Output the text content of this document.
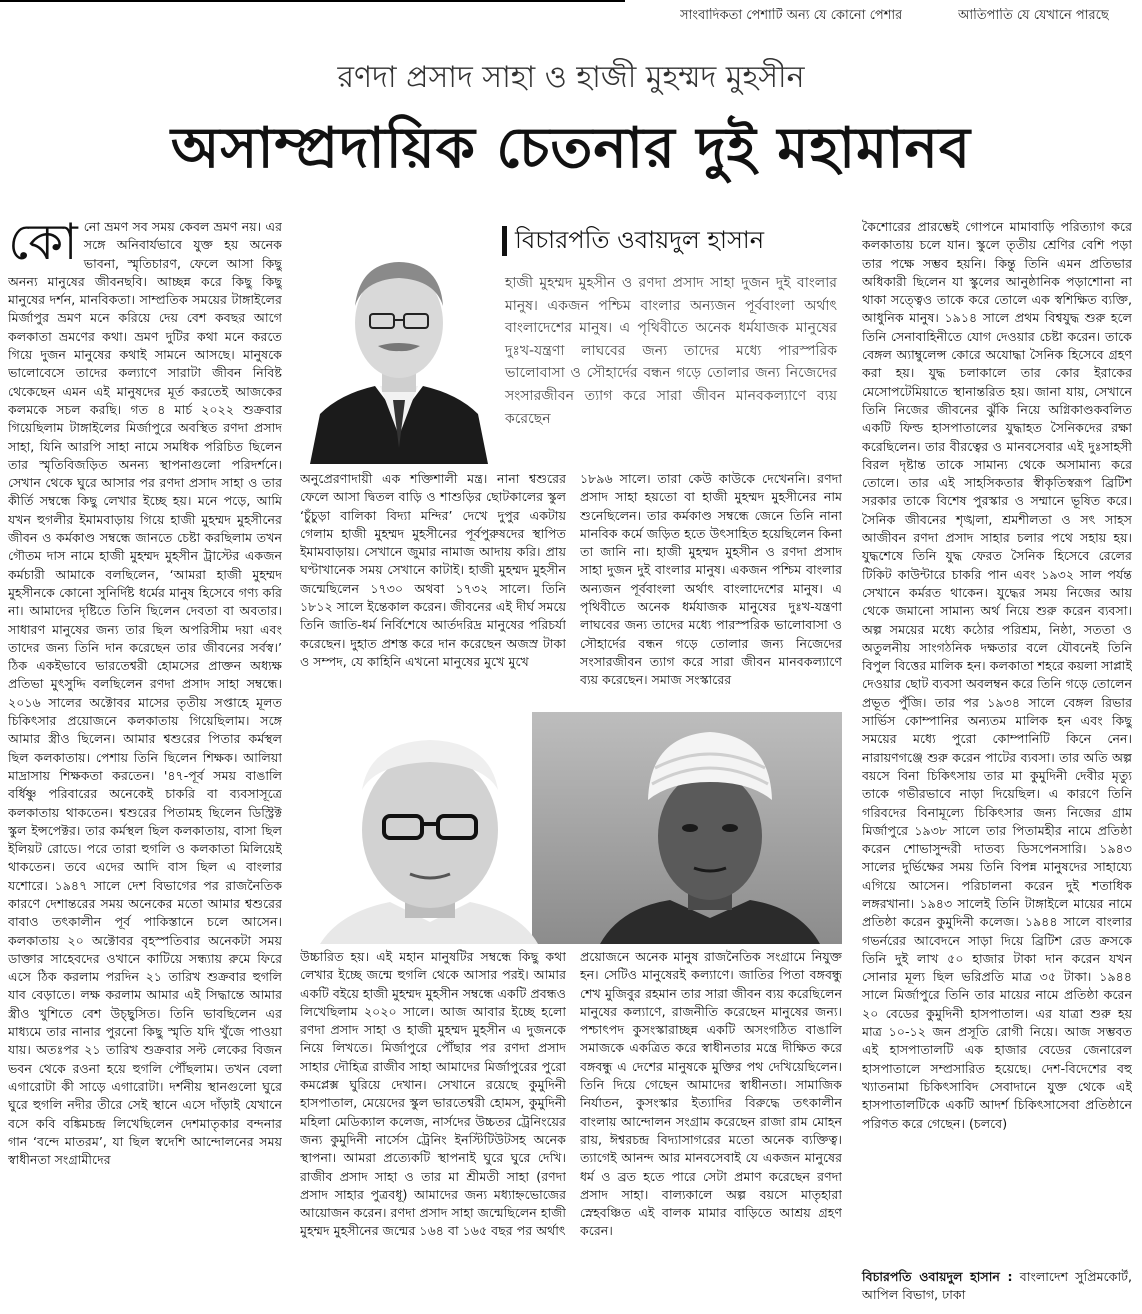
সাংবাদিকতা পেশাটি অন্য যে কোনো পেশার	আতিপাতি যে যেখানে পারছে
রণদা প্রসাদ সাহা ও হাজী মুহম্মদ মুহসীন
অসাম্প্রদায়িক চেতনার দুই মহামানব
কো নো ভ্রমণ সব সময় কেবল ভ্রমণ নয়। এর সঙ্গে অনিবার্যভাবে যুক্ত হয় অনেক ভাবনা, স্মৃতিচারণ, ফেলে আসা কিছু অনন্য মানুষের জীবনছবি। আচ্ছন্ন করে কিছু কিছু মানুষের দর্শন, মানবিকতা। সাম্প্রতিক সময়ের টাঙ্গাইলের মির্জাপুর ভ্রমণ মনে করিয়ে দেয় বেশ কবছর আগে কলকাতা ভ্রমণের কথা। ভ্রমণ দুটির কথা মনে করতে গিয়ে দুজন মানুষের কথাই সামনে আসছে। মানুষকে ভালোবেসে তাদের কল্যাণে সারাটা জীবন নিবিষ্ট থেকেছেন এমন এই মানুষদের মূর্ত করতেই আজকের কলমকে সচল করছি। গত ৪ মার্চ ২০২২ শুক্রবার গিয়েছিলাম টাঙ্গাইলের মির্জাপুরে অবস্থিত রণদা প্রসাদ সাহা, যিনি আরপি সাহা নামে সমধিক পরিচিত ছিলেন তার স্মৃতিবিজড়িত অনন্য স্থাপনাগুলো পরিদর্শনে। সেখান থেকে ঘুরে আসার পর রণদা প্রসাদ সাহা ও তার কীর্তি সম্বন্ধে কিছু লেখার ইচ্ছে হয়। মনে পড়ে, আমি যখন হুগলীর ইমামবাড়ায় গিয়ে হাজী মুহম্মদ মুহসীনের জীবন ও কর্মকাণ্ড সম্বন্ধে জানতে চেষ্টা করছিলাম তখন গৌতম দাস নামে হাজী মুহম্মদ মুহসীন ট্রাস্টের একজন কর্মচারী আমাকে বলছিলেন, ‘আমরা হাজী মুহম্মদ মুহসীনকে কোনো সুনির্দিষ্ট ধর্মের মানুষ হিসেবে গণ্য করি না। আমাদের দৃষ্টিতে তিনি ছিলেন দেবতা বা অবতার। সাধারণ মানুষের জন্য তার ছিল অপরিসীম দয়া এবং তাদের জন্য তিনি দান করেছেন তার জীবনের সর্বস্ব।’ ঠিক একইভাবে ভারতেশ্বরী হোমসের প্রাক্তন অধ্যক্ষ প্রতিভা মুৎসুদ্দি বলছিলেন রণদা প্রসাদ সাহা সম্বন্ধে। ২০১৬ সালের অক্টোবর মাসের তৃতীয় সপ্তাহে মূলত চিকিৎসার প্রয়োজনে কলকাতায় গিয়েছিলাম। সঙ্গে আমার স্ত্রীও ছিলেন। আমার শ্বশুরের পিতার কর্মস্থল ছিল কলকাতায়। পেশায় তিনি ছিলেন শিক্ষক। আলিয়া মাদ্রাসায় শিক্ষকতা করতেন। '৪৭-পূর্ব সময় বাঙালি বর্ধিষ্ণু পরিবারের অনেকেই চাকরি বা ব্যবসাসূত্রে কলকাতায় থাকতেন। শ্বশুরের পিতামহ ছিলেন ডিস্ট্রিক্ট স্কুল ইন্সপেক্টর। তার কর্মস্থল ছিল কলকাতায়, বাসা ছিল ইলিয়ট রোডে। পরে তারা হুগলি ও কলকাতা মিলিয়েই থাকতেন। তবে এদের আদি বাস ছিল এ বাংলার যশোরে। ১৯৪৭ সালে দেশ বিভাগের পর রাজনৈতিক কারণে দেশান্তরের সময় অনেকের মতো আমার শ্বশুরের বাবাও তৎকালীন পূর্ব পাকিস্তানে চলে আসেন। কলকাতায় ২০ অক্টোবর বৃহস্পতিবার অনেকটা সময় ডাক্তার সাহেবদের ওখানে কাটিয়ে সন্ধ্যায় রুমে ফিরে এসে ঠিক করলাম পরদিন ২১ তারিখ শুক্রবার হুগলি যাব বেড়াতে। লক্ষ করলাম আমার এই সিদ্ধান্তে আমার স্ত্রীও খুশিতে বেশ উচ্ছ্বসিত। তিনি ভাবছিলেন এর মাধ্যমে তার নানার পুরনো কিছু স্মৃতি যদি খুঁজে পাওয়া যায়। অতঃপর ২১ তারিখ শুক্রবার সল্ট লেকের বিজন ভবন থেকে রওনা হয়ে হুগলি পৌঁছলাম। তখন বেলা এগারোটা কী সাড়ে এগারোটা। দর্শনীয় স্থানগুলো ঘুরে ঘুরে হুগলি নদীর তীরে সেই স্থানে এসে দাঁড়াই যেখানে বসে কবি বঙ্কিমচন্দ্র লিখেছিলেন দেশমাতৃকার বন্দনার গান ‘বন্দে মাতরম’, যা ছিল স্বদেশি আন্দোলনের সময় স্বাধীনতা সংগ্রামীদের
বিচারপতি ওবায়দুল হাসান
হাজী মুহম্মদ মুহসীন ও রণদা প্রসাদ সাহা দুজন দুই বাংলার মানুষ। একজন পশ্চিম বাংলার অন্যজন পূর্ববাংলা অর্থাৎ বাংলাদেশের মানুষ। এ পৃথিবীতে অনেক ধর্মযাজক মানুষের দুঃখ-যন্ত্রণা লাঘবের জন্য তাদের মধ্যে পারস্পরিক ভালোবাসা ও সৌহার্দের বন্ধন গড়ে তোলার জন্য নিজেদের সংসারজীবন ত্যাগ করে সারা জীবন মানবকল্যাণে ব্যয় করেছেন
অনুপ্রেরণাদায়ী এক শক্তিশালী মন্ত্র। নানা শ্বশুরের ফেলে আসা দ্বিতল বাড়ি ও শাশুড়ির ছোটকালের স্কুল ‘চুঁচুড়া বালিকা বিদ্যা মন্দির’ দেখে দুপুর একটায় গেলাম হাজী মুহম্মদ মুহসীনের পূর্বপুরুষদের স্থাপিত ইমামবাড়ায়। সেখানে জুমার নামাজ আদায় করি। প্রায় ঘণ্টাখানেক সময় সেখানে কাটাই। হাজী মুহম্মদ মুহসীন জন্মেছিলেন ১৭৩০ অথবা ১৭৩২ সালে। তিনি ১৮১২ সালে ইন্তেকাল করেন। জীবনের এই দীর্ঘ সময়ে তিনি জাতি-ধর্ম নির্বিশেষে আর্তদরিদ্র মানুষের পরিচর্যা করেছেন। দুহাত প্রশস্ত করে দান করেছেন অজস্র টাকা ও সম্পদ, যে কাহিনি এখনো মানুষের মুখে মুখে
১৮৯৬ সালে। তারা কেউ কাউকে দেখেননি। রণদা প্রসাদ সাহা হয়তো বা হাজী মুহম্মদ মুহসীনের নাম শুনেছিলেন। তার কর্মকাণ্ড সম্বন্ধে জেনে তিনি নানা মানবিক কর্মে জড়িত হতে উৎসাহিত হয়েছিলেন কিনা তা জানি না। হাজী মুহম্মদ মুহসীন ও রণদা প্রসাদ সাহা দুজন দুই বাংলার মানুষ। একজন পশ্চিম বাংলার অন্যজন পূর্ববাংলা অর্থাৎ বাংলাদেশের মানুষ। এ পৃথিবীতে অনেক ধর্মযাজক মানুষের দুঃখ-যন্ত্রণা লাঘবের জন্য তাদের মধ্যে পারস্পরিক ভালোবাসা ও সৌহার্দের বন্ধন গড়ে তোলার জন্য নিজেদের সংসারজীবন ত্যাগ করে সারা জীবন মানবকল্যাণে ব্যয় করেছেন। সমাজ সংস্কারের
উচ্চারিত হয়। এই মহান মানুষটির সম্বন্ধে কিছু কথা লেখার ইচ্ছে জন্মে হুগলি থেকে আসার পরই। আমার একটি বইয়ে হাজী মুহম্মদ মুহসীন সম্বন্ধে একটি প্রবন্ধও লিখেছিলাম ২০২০ সালে। আজ আবার ইচ্ছে হলো রণদা প্রসাদ সাহা ও হাজী মুহম্মদ মুহসীন এ দুজনকে নিয়ে লিখতে। মির্জাপুরে পৌঁছার পর রণদা প্রসাদ সাহার দৌহিত্র রাজীব সাহা আমাদের মির্জাপুরের পুরো কমপ্লেক্স ঘুরিয়ে দেখান। সেখানে রয়েছে কুমুদিনী হাসপাতাল, মেয়েদের স্কুল ভারতেশ্বরী হোমস, কুমুদিনী মহিলা মেডিক্যাল কলেজ, নার্সদের উচ্চতর ট্রেনিংয়ের জন্য কুমুদিনী নার্সেস ট্রেনিং ইনস্টিটিউটসহ অনেক স্থাপনা। আমরা প্রত্যেকটি স্থাপনাই ঘুরে ঘুরে দেখি। রাজীব প্রসাদ সাহা ও তার মা শ্রীমতী সাহা (রণদা প্রসাদ সাহার পুত্রবধূ) আমাদের জন্য মধ্যাহ্নভোজের আয়োজন করেন। রণদা প্রসাদ সাহা জন্মেছিলেন হাজী মুহম্মদ মুহসীনের জন্মের ১৬৪ বা ১৬৫ বছর পর অর্থাৎ
প্রয়োজনে অনেক মানুষ রাজনৈতিক সংগ্রামে নিযুক্ত হন। সেটিও মানুষেরই কল্যাণে। জাতির পিতা বঙ্গবন্ধু শেখ মুজিবুর রহমান তার সারা জীবন ব্যয় করেছিলেন মানুষের কল্যাণে, রাজনীতি করেছেন মানুষের জন্য। পশ্চাৎপদ কুসংস্কারাচ্ছন্ন একটি অসংগঠিত বাঙালি সমাজকে একত্রিত করে স্বাধীনতার মন্ত্রে দীক্ষিত করে বঙ্গবন্ধু এ দেশের মানুষকে মুক্তির পথ দেখিয়েছিলেন। তিনি দিয়ে গেছেন আমাদের স্বাধীনতা। সামাজিক নির্যাতন, কুসংস্কার ইত্যাদির বিরুদ্ধে তৎকালীন বাংলায় আন্দোলন সংগ্রাম করেছেন রাজা রাম মোহন রায়, ঈশ্বরচন্দ্র বিদ্যাসাগরের মতো অনেক ব্যক্তিত্ব। ত্যাগেই আনন্দ আর মানবসেবাই যে একজন মানুষের ধর্ম ও ব্রত হতে পারে সেটা প্রমাণ করেছেন রণদা প্রসাদ সাহা। বাল্যকালে অল্প বয়সে মাতৃহারা স্নেহবঞ্চিত এই বালক মামার বাড়িতে আশ্রয় গ্রহণ করেন।
কৈশোরের প্রারম্ভেই গোপনে মামাবাড়ি পরিত্যাগ করে কলকাতায় চলে যান। স্কুলে তৃতীয় শ্রেণির বেশি পড়া তার পক্ষে সম্ভব হয়নি। কিন্তু তিনি এমন প্রতিভার অধিকারী ছিলেন যা স্কুলের আনুষ্ঠানিক পড়াশোনা না থাকা সত্ত্বেও তাকে করে তোলে এক স্বশিক্ষিত ব্যক্তি, আধুনিক মানুষ। ১৯১৪ সালে প্রথম বিশ্বযুদ্ধ শুরু হলে তিনি সেনাবাহিনীতে যোগ দেওয়ার চেষ্টা করেন। তাকে বেঙ্গল অ্যাম্বুলেন্স কোরে অযোদ্ধা সৈনিক হিসেবে গ্রহণ করা হয়। যুদ্ধ চলাকালে তার কোর ইরাকের মেসোপটেমিয়াতে স্থানান্তরিত হয়। জানা যায়, সেখানে তিনি নিজের জীবনের ঝুঁকি নিয়ে অগ্নিকাণ্ডকবলিত একটি ফিল্ড হাসপাতালের যুদ্ধাহত সৈনিকদের রক্ষা করেছিলেন। তার বীরত্বের ও মানবসেবার এই দুঃসাহসী বিরল দৃষ্টান্ত তাকে সামান্য থেকে অসামান্য করে তোলে। তার এই সাহসিকতার স্বীকৃতিস্বরূপ ব্রিটিশ সরকার তাকে বিশেষ পুরস্কার ও সম্মানে ভূষিত করে। সৈনিক জীবনের শৃঙ্খলা, শ্রমশীলতা ও সৎ সাহস আজীবন রণদা প্রসাদ সাহার চলার পথে সহায় হয়। যুদ্ধশেষে তিনি যুদ্ধ ফেরত সৈনিক হিসেবে রেলের টিকিট কাউন্টারে চাকরি পান এবং ১৯৩২ সাল পর্যন্ত সেখানে কর্মরত থাকেন। যুদ্ধের সময় নিজের আয় থেকে জমানো সামান্য অর্থ নিয়ে শুরু করেন ব্যবসা। অল্প সময়ের মধ্যে কঠোর পরিশ্রম, নিষ্ঠা, সততা ও অতুলনীয় সাংগঠনিক দক্ষতার বলে যৌবনেই তিনি বিপুল বিত্তের মালিক হন। কলকাতা শহরে কয়লা সাপ্লাই দেওয়ার ছোট ব্যবসা অবলম্বন করে তিনি গড়ে তোলেন প্রভূত পুঁজি। তার পর ১৯৩৪ সালে বেঙ্গল রিভার সার্ভিস কোম্পানির অন্যতম মালিক হন এবং কিছু সময়ের মধ্যে পুরো কোম্পানিটি কিনে নেন। নারায়ণগঞ্জে শুরু করেন পাটের ব্যবসা। তার অতি অল্প বয়সে বিনা চিকিৎসায় তার মা কুমুদিনী দেবীর মৃত্যু তাকে গভীরভাবে নাড়া দিয়েছিল। এ কারণে তিনি গরিবদের বিনামূল্যে চিকিৎসার জন্য নিজের গ্রাম মির্জাপুরে ১৯৩৮ সালে তার পিতামহীর নামে প্রতিষ্ঠা করেন শোভাসুন্দরী দাতব্য ডিসপেনসারি। ১৯৪৩ সালের দুর্ভিক্ষের সময় তিনি বিপন্ন মানুষদের সাহায্যে এগিয়ে আসেন। পরিচালনা করেন দুই শতাধিক লঙ্গরখানা। ১৯৪৩ সালেই তিনি টাঙ্গাইলে মায়ের নামে প্রতিষ্ঠা করেন কুমুদিনী কলেজ। ১৯৪৪ সালে বাংলার গভর্নরের আবেদনে সাড়া দিয়ে ব্রিটিশ রেড ক্রসকে তিনি দুই লাখ ৫০ হাজার টাকা দান করেন যখন সোনার মূল্য ছিল ভরিপ্রতি মাত্র ৩৫ টাকা। ১৯৪৪ সালে মির্জাপুরে তিনি তার মায়ের নামে প্রতিষ্ঠা করেন ২০ বেডের কুমুদিনী হাসপাতাল। এর যাত্রা শুরু হয় মাত্র ১০-১২ জন প্রসূতি রোগী নিয়ে। আজ সম্ভবত এই হাসপাতালটি এক হাজার বেডের জেনারেল হাসপাতালে সম্প্রসারিত হয়েছে। দেশ-বিদেশের বহু খ্যাতনামা চিকিৎসাবিদ সেবাদানে যুক্ত থেকে এই হাসপাতালটিকে একটি আদর্শ চিকিৎসাসেবা প্রতিষ্ঠানে পরিণত করে গেছেন। (চলবে)
বিচারপতি ওবায়দুল হাসান : বাংলাদেশ সুপ্রিমকোর্ট, আপিল বিভাগ, ঢাকা
